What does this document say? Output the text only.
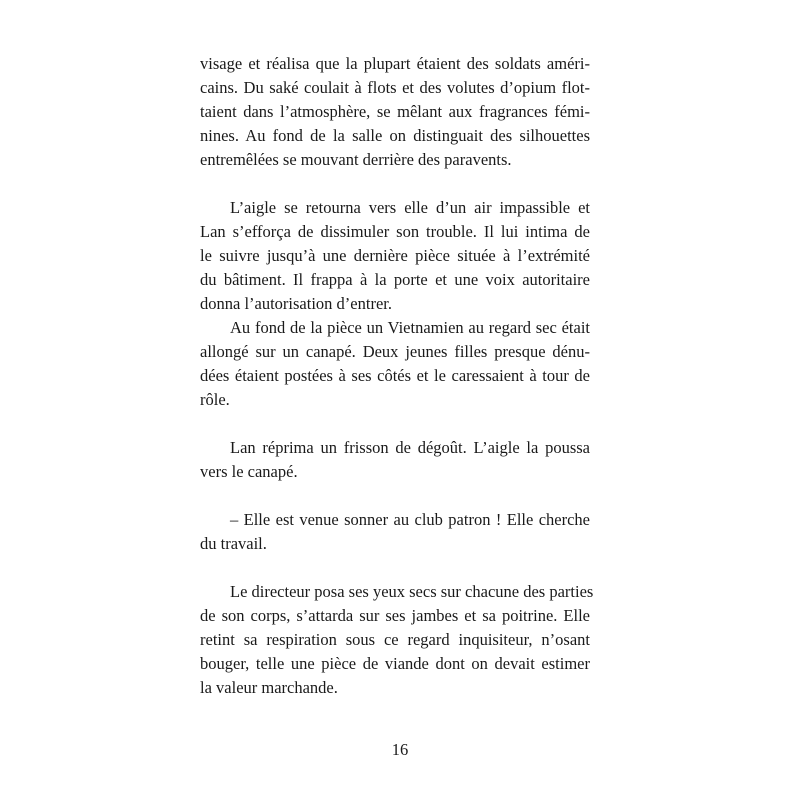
visage et réalisa que la plupart étaient des soldats améri-
cains. Du saké coulait à flots et des volutes d’opium flot-
taient dans l’atmosphère, se mêlant aux fragrances fémi-
nines. Au fond de la salle on distinguait des silhouettes
entremêlées se mouvant derrière des paravents.
L’aigle se retourna vers elle d’un air impassible et
Lan s’efforça de dissimuler son trouble. Il lui intima de
le suivre jusqu’à une dernière pièce située à l’extrémité
du bâtiment. Il frappa à la porte et une voix autoritaire
donna l’autorisation d’entrer.
Au fond de la pièce un Vietnamien au regard sec était
allongé sur un canapé. Deux jeunes filles presque dénu-
dées étaient postées à ses côtés et le caressaient à tour de
rôle.
Lan réprima un frisson de dégoût. L’aigle la poussa
vers le canapé.
– Elle est venue sonner au club patron ! Elle cherche
du travail.
Le directeur posa ses yeux secs sur chacune des parties
de son corps, s’attarda sur ses jambes et sa poitrine. Elle
retint sa respiration sous ce regard inquisiteur, n’osant
bouger, telle une pièce de viande dont on devait estimer
la valeur marchande.
16
